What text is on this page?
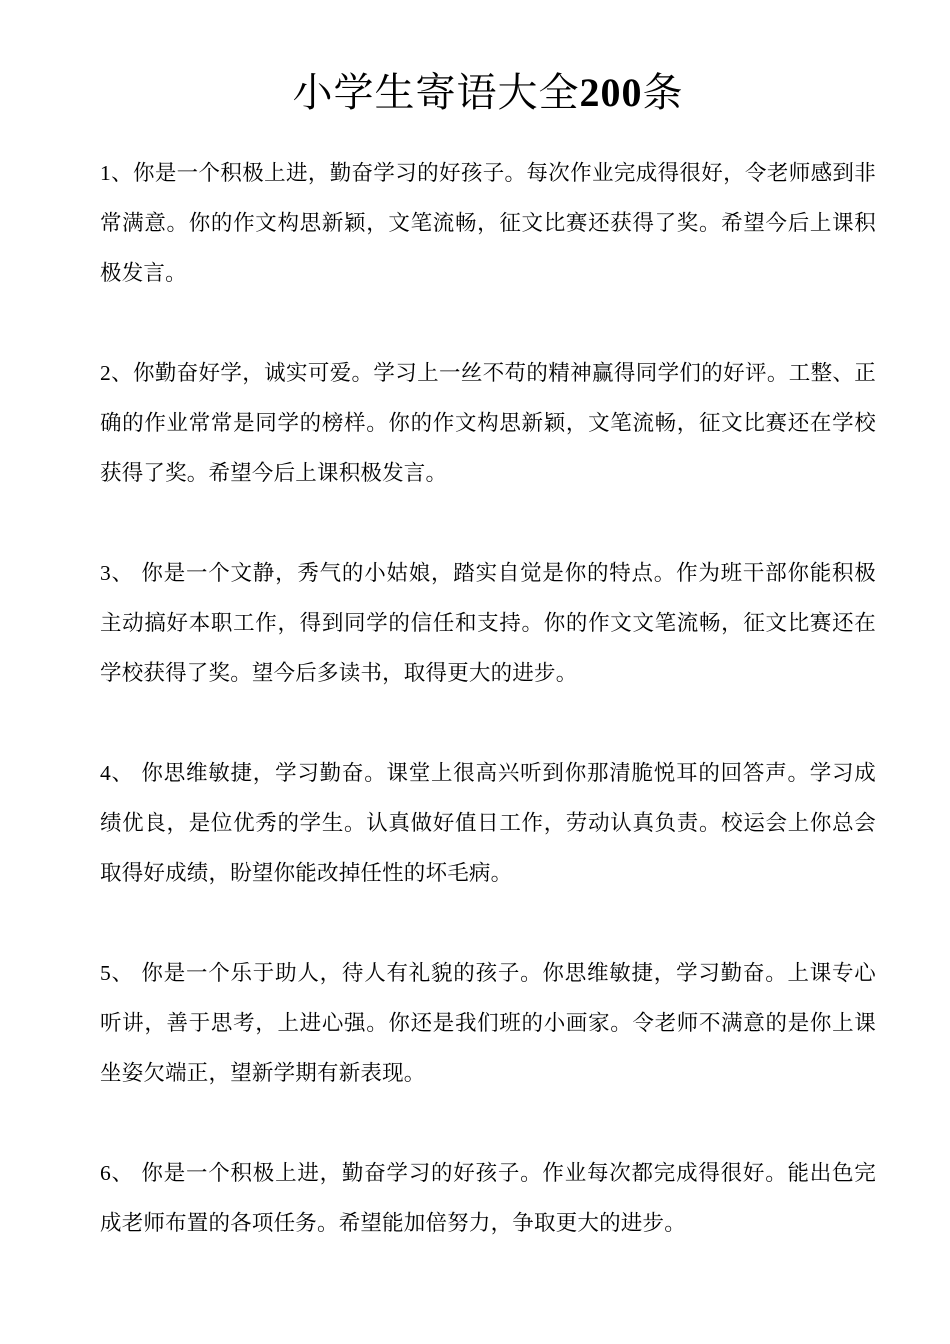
小学生寄语大全200条

1、你是一个积极上进，勤奋学习的好孩子。每次作业完成得很好，令老师感到非常满意。你的作文构思新颖，文笔流畅，征文比赛还获得了奖。希望今后上课积极发言。

2、你勤奋好学，诚实可爱。学习上一丝不苟的精神赢得同学们的好评。工整、正确的作业常常是同学的榜样。你的作文构思新颖，文笔流畅，征文比赛还在学校获得了奖。希望今后上课积极发言。

3、 你是一个文静，秀气的小姑娘，踏实自觉是你的特点。作为班干部你能积极主动搞好本职工作，得到同学的信任和支持。你的作文文笔流畅，征文比赛还在学校获得了奖。望今后多读书，取得更大的进步。

4、 你思维敏捷，学习勤奋。课堂上很高兴听到你那清脆悦耳的回答声。学习成绩优良，是位优秀的学生。认真做好值日工作，劳动认真负责。校运会上你总会取得好成绩，盼望你能改掉任性的坏毛病。

5、 你是一个乐于助人，待人有礼貌的孩子。你思维敏捷，学习勤奋。上课专心听讲，善于思考，上进心强。你还是我们班的小画家。令老师不满意的是你上课坐姿欠端正，望新学期有新表现。

6、 你是一个积极上进，勤奋学习的好孩子。作业每次都完成得很好。能出色完成老师布置的各项任务。希望能加倍努力，争取更大的进步。
